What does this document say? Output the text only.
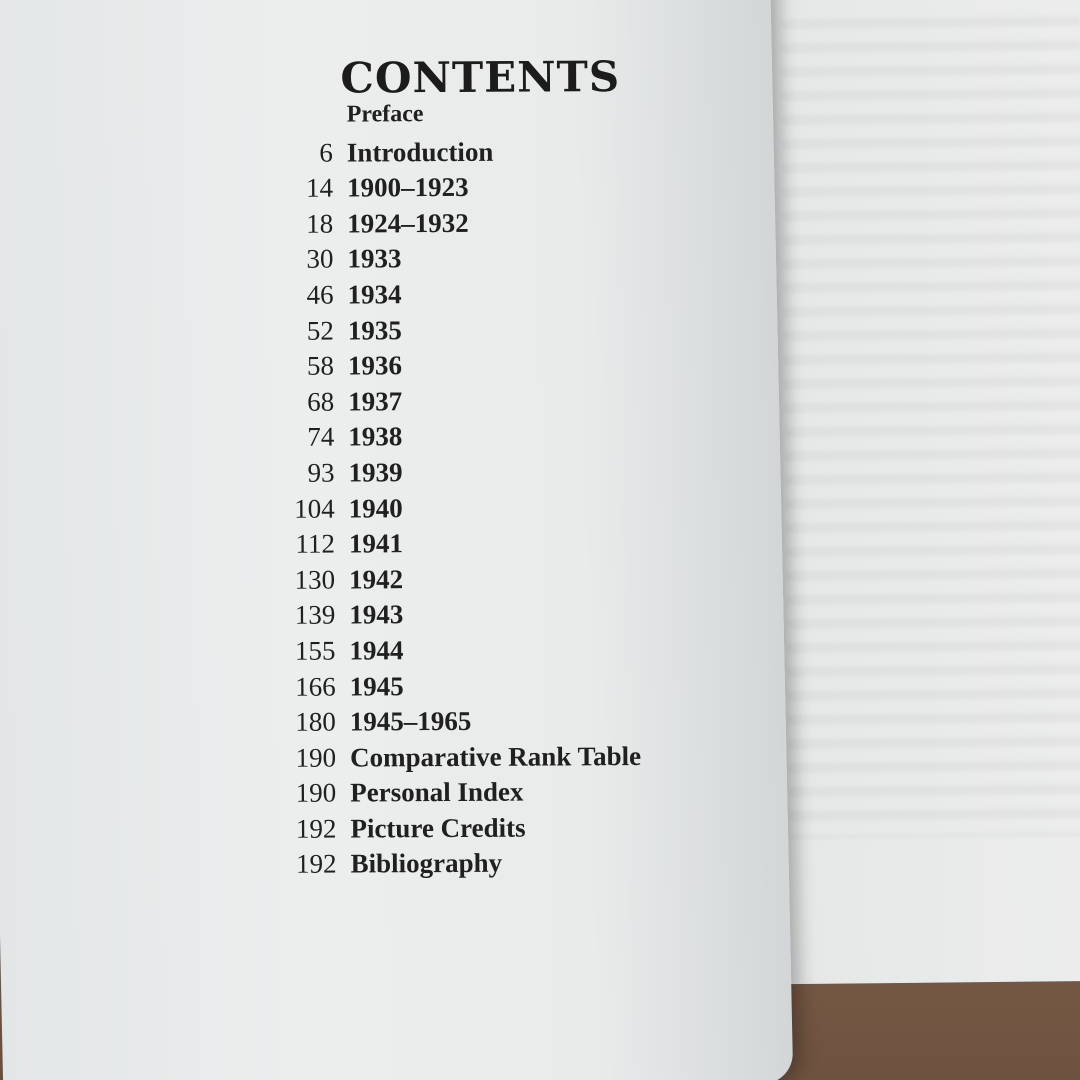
CONTENTS
Preface
6 Introduction
14 1900–1923
18 1924–1932
30 1933
46 1934
52 1935
58 1936
68 1937
74 1938
93 1939
104 1940
112 1941
130 1942
139 1943
155 1944
166 1945
180 1945–1965
190 Comparative Rank Table
190 Personal Index
192 Picture Credits
192 Bibliography
